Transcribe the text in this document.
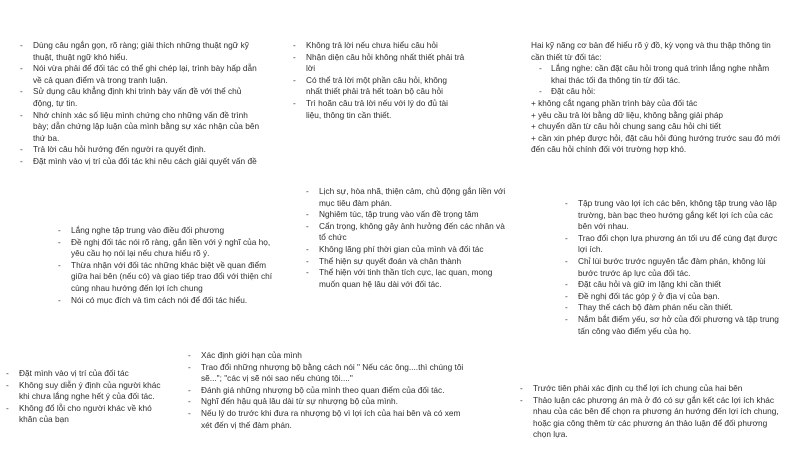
- Dùng câu ngắn gọn, rõ ràng; giải thích những thuật ngữ kỹ thuật, thuật ngữ khó hiểu.
- Nói vừa phải để đối tác có thể ghi chép lại, trình bày hấp dẫn về cả quan điểm và trong tranh luận.
- Sử dụng câu khẳng định khi trình bày vấn đề với thể chủ động, tự tin.
- Nhớ chính xác số liệu mình chứng cho những vấn đề trình bày; dẫn chứng lập luận của mình bằng sự xác nhận của bên thứ ba.
- Trả lời câu hỏi hướng đến người ra quyết định.
- Đặt mình vào vị trí của đối tác khi nêu cách giải quyết vấn đề
- Không trả lời nếu chưa hiểu câu hỏi
- Nhận diện câu hỏi không nhất thiết phải trả lời
- Có thể trả lời một phần câu hỏi, không nhất thiết phải trả hết toàn bộ câu hỏi
- Trì hoãn câu trả lời nếu với lý do đủ tài liệu, thông tin cần thiết.
Hai kỹ năng cơ bản để hiểu rõ ý đồ, kỳ vọng và thu thập thông tin cần thiết từ đối tác:
- Lắng nghe: cần đặt câu hỏi trong quá trình lắng nghe nhằm khai thác tối đa thông tin từ đối tác.
- Đặt câu hỏi:
+ không cắt ngang phần trình bày của đối tác
+ yêu cầu trả lời bằng dữ liệu, không bằng giải pháp
+ chuyển dần từ câu hỏi chung sang câu hỏi chi tiết
+ cần xin phép được hỏi, đặt câu hỏi đúng hướng trước sau đó mới đến câu hỏi chính đối với trường hợp khó.
- Lịch sự, hòa nhã, thiện cảm, chủ động gắn liền với mục tiêu đàm phán.
- Nghiêm túc, tập trung vào vấn đề trọng tâm
- Cẩn trọng, không gây ảnh hưởng đến các nhân và tổ chức
- Không lãng phí thời gian của mình và đối tác
- Thể hiện sự quyết đoán và chân thành
- Thể hiện với tinh thần tích cực, lạc quan, mong muốn quan hệ lâu dài với đối tác.
- Lắng nghe tập trung vào điều đối phương
- Đề nghị đối tác nói rõ ràng, gắn liền với ý nghĩ của họ, yêu cầu họ nói lại nếu chưa hiểu rõ ý.
- Thừa nhận với đối tác những khác biệt về quan điểm giữa hai bên (nếu có) và giao tiếp trao đổi với thiện chí cùng nhau hướng đến lợi ích chung
- Nói có mục đích và tìm cách nói để đối tác hiểu.
- Tập trung vào lợi ích các bên, không tập trung vào lập trường, bàn bạc theo hướng gắng kết lợi ích của các bên với nhau.
- Trao đổi chọn lựa phương án tối ưu để cùng đạt được lợi ích.
- Chỉ lùi bước trước nguyên tắc đàm phán, không lùi bước trước áp lực của đối tác.
- Đặt câu hỏi và giữ im lặng khi cần thiết
- Đề nghị đối tác góp ý ở địa vị của bạn.
- Thay thế cách bộ đàm phán nếu cần thiết.
- Nắm bắt điểm yếu, sơ hở của đối phương và tập trung tấn công vào điểm yếu của họ.
- Đặt mình vào vị trí của đối tác
- Không suy diễn ý định của người khác khi chưa lắng nghe hết ý của đối tác.
- Không đổ lỗi cho người khác về khó khăn của bạn
- Xác định giới hạn của mình
- Trao đổi những nhượng bộ bằng cách nói " Nếu các ông....thì chúng tôi sẽ..."; "các vị sẽ nói sao nếu chúng tôi...."
- Đánh giá những nhượng bộ của mình theo quan điểm của đối tác.
- Nghĩ đến hậu quả lâu dài từ sự nhượng bộ của mình.
- Nếu lý do trước khi đưa ra nhượng bộ vì lợi ích của hai bên và có xem xét đến vị thế đàm phán.
- Trước tiên phải xác định cụ thể lợi ích chung của hai bên
- Thảo luận các phương án mà ở đó có sự gắn kết các lợi ích khác nhau của các bên để chọn ra phương án hướng đến lợi ích chung, hoặc gia công thêm từ các phương án thảo luận để đối phương chọn lựa.
